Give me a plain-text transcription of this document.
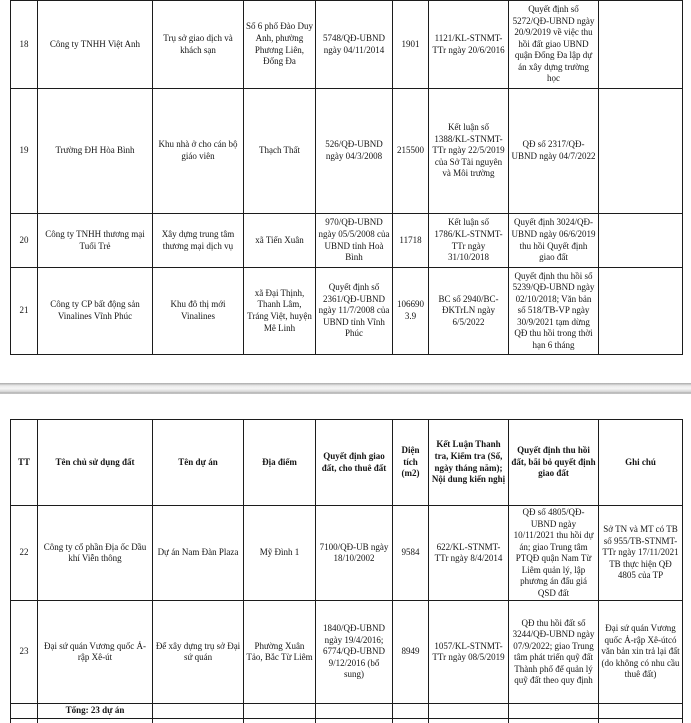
18	Công ty TNHH Việt Anh	Trụ sở giao dịch và khách sạn	Số 6 phố Đào Duy Anh, phường Phương Liên, Đống Đa	5748/QĐ-UBND ngày 04/11/2014	1901	1121/KL-STNMT-TTr ngày 20/6/2016	Quyết định số 5272/QĐ-UBND ngày 20/9/2019 về việc thu hồi đất giao UBND quận Đống Đa lập dự án xây dựng trường học	
19	Trường ĐH Hòa Bình	Khu nhà ở cho cán bộ giáo viên	Thạch Thất	526/QĐ-UBND ngày 04/3/2008	215500	Kết luận số 1388/KL-STNMT-TTr ngày 22/5/2019 của Sở Tài nguyên và Môi trường	QĐ số 2317/QĐ-UBND ngày 04/7/2022	
20	Công ty TNHH thương mại Tuổi Trẻ	Xây dựng trung tâm thương mại dịch vụ	xã Tiến Xuân	970/QĐ-UBND ngày 05/5/2008 của UBND tỉnh Hoà Bình	11718	Kết luận số 1786/KL-STNMT-TTr ngày 31/10/2018	Quyết định 3024/QĐ-UBND ngày 06/6/2019 thu hồi Quyết định giao đất	
21	Công ty CP bất động sản Vinalines Vĩnh Phúc	Khu đô thị mới Vinalines	xã Đại Thịnh, Thanh Lâm, Tráng Việt, huyện Mê Linh	Quyết định số 2361/QĐ-UBND ngày 11/7/2008 của UBND tỉnh Vĩnh Phúc	1066903.9	BC số 2940/BC-ĐKTrLN ngày 6/5/2022	Quyết định thu hồi số 5239/QĐ-UBND ngày 02/10/2018; Văn bản số 518/TB-VP ngày 30/9/2021 tạm dừng QĐ thu hồi trong thời hạn 6 tháng	
TT	Tên chủ sử dụng đất	Tên dự án	Địa điểm	Quyết định giao đất, cho thuê đất	Diện tích (m2)	Kết Luận Thanh tra, Kiểm tra (Số, ngày tháng năm); Nội dung kiến nghị	Quyết định thu hồi đất, bãi bỏ quyết định giao đất	Ghi chú
22	Công ty cổ phần Địa ốc Dầu khí Viễn thông	Dự án Nam Đàn Plaza	Mỹ Đình 1	7100/QĐ-UB ngày 18/10/2002	9584	622/KL-STNMT-TTr ngày 8/4/2014	QĐ số 4805/QĐ-UBND ngày 10/11/2021 thu hồi dự án; giao Trung tâm PTQĐ quận Nam Từ Liêm quản lý, lập phương án đấu giá QSD đất	Sở TN và MT có TB số 955/TB-STNMT-TTr ngày 17/11/2021 TB thực hiện QĐ 4805 của TP
23	Đại sứ quán Vương quốc Ả-rập Xê-út	Để xây dựng trụ sở Đại sứ quán	Phường Xuân Tảo, Bắc Từ Liêm	1840/QĐ-UBND ngày 19/4/2016; 6774/QĐ-UBND 9/12/2016 (bổ sung)	8949	1057/KL-STNMT-TTr ngày 08/5/2019	QĐ thu hồi đất số 3244/QĐ-UBND ngày 07/9/2022; giao Trung tâm phát triển quỹ đất Thành phố để quản lý quỹ đất theo quy định	Đại sứ quán Vương quốc Ả-rập Xê-útcó văn bản xin trả lại đất (do không có nhu cầu thuê đất)
	Tổng: 23 dự án							
